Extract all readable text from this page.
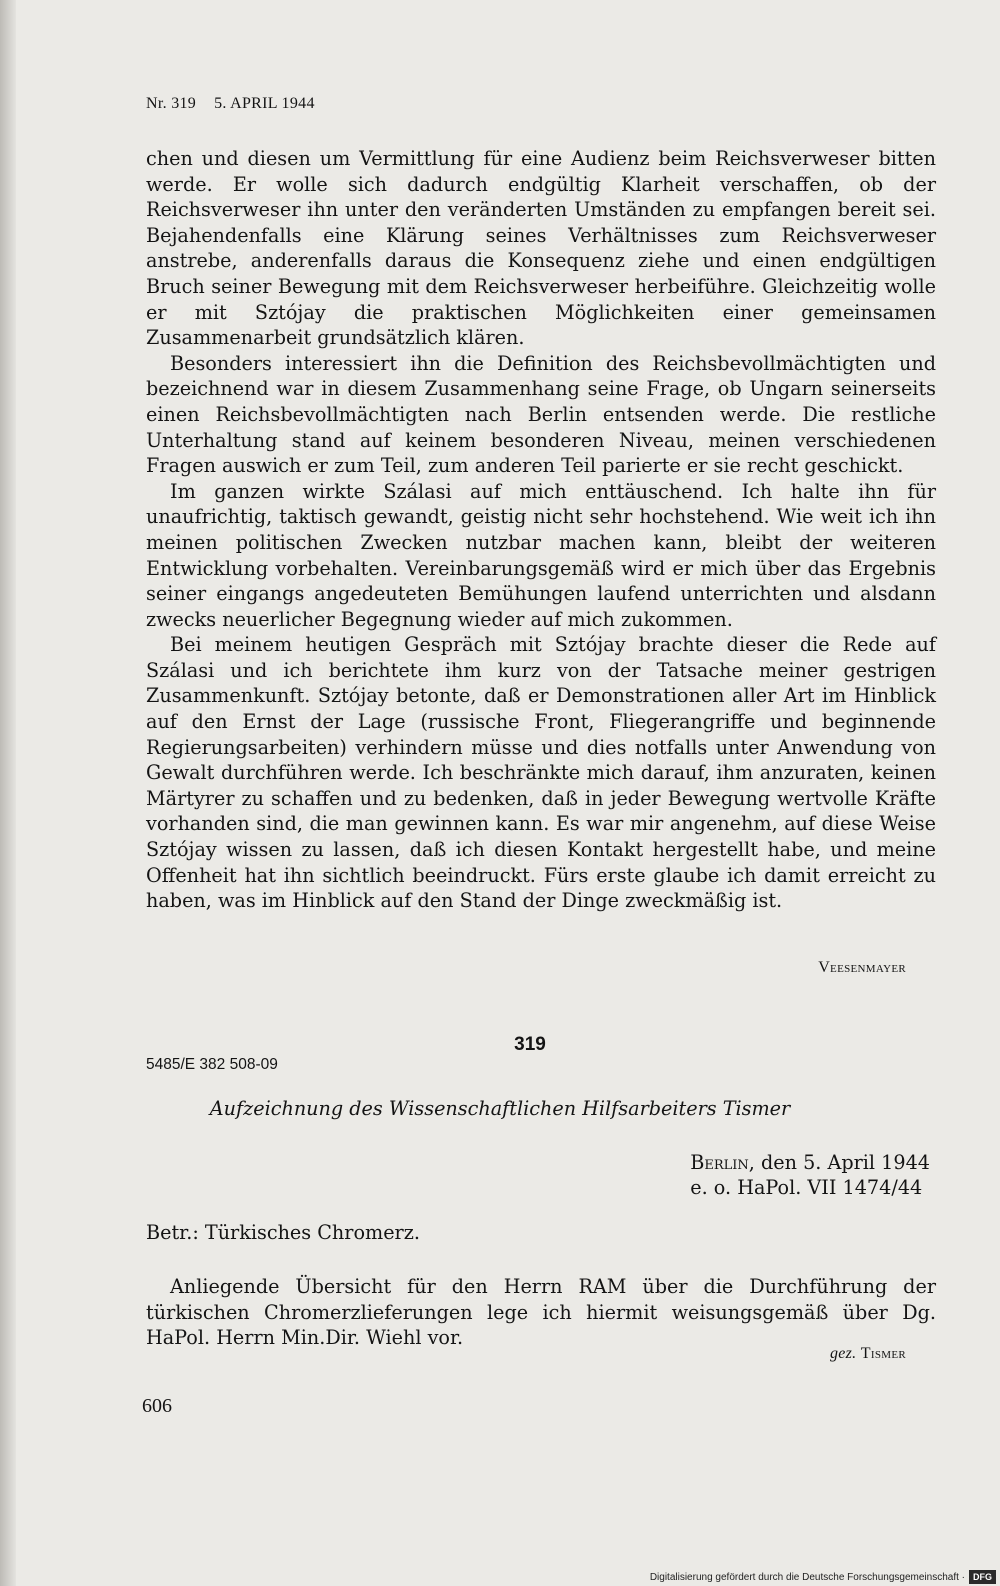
Nr. 319 5. APRIL 1944

chen und diesen um Vermittlung für eine Audienz beim Reichsverweser bitten werde. Er wolle sich dadurch endgültig Klarheit verschaffen, ob der Reichsverweser ihn unter den veränderten Umständen zu empfangen bereit sei. Bejahendenfalls eine Klärung seines Verhältnisses zum Reichsverweser anstrebe, anderenfalls daraus die Konsequenz ziehe und einen endgültigen Bruch seiner Bewegung mit dem Reichsverweser herbeiführe. Gleichzeitig wolle er mit Sztójay die praktischen Möglichkeiten einer gemeinsamen Zusammenarbeit grundsätzlich klären.

Besonders interessiert ihn die Definition des Reichsbevollmächtigten und bezeichnend war in diesem Zusammenhang seine Frage, ob Ungarn seinerseits einen Reichsbevollmächtigten nach Berlin entsenden werde. Die restliche Unterhaltung stand auf keinem besonderen Niveau, meinen verschiedenen Fragen auswich er zum Teil, zum anderen Teil parierte er sie recht geschickt.

Im ganzen wirkte Szálasi auf mich enttäuschend. Ich halte ihn für unaufrichtig, taktisch gewandt, geistig nicht sehr hochstehend. Wie weit ich ihn meinen politischen Zwecken nutzbar machen kann, bleibt der weiteren Entwicklung vorbehalten. Vereinbarungsgemäß wird er mich über das Ergebnis seiner eingangs angedeuteten Bemühungen laufend unterrichten und alsdann zwecks neuerlicher Begegnung wieder auf mich zukommen.

Bei meinem heutigen Gespräch mit Sztójay brachte dieser die Rede auf Szálasi und ich berichtete ihm kurz von der Tatsache meiner gestrigen Zusammenkunft. Sztójay betonte, daß er Demonstrationen aller Art im Hinblick auf den Ernst der Lage (russische Front, Fliegerangriffe und beginnende Regierungsarbeiten) verhindern müsse und dies notfalls unter Anwendung von Gewalt durchführen werde. Ich beschränkte mich darauf, ihm anzuraten, keinen Märtyrer zu schaffen und zu bedenken, daß in jeder Bewegung wertvolle Kräfte vorhanden sind, die man gewinnen kann. Es war mir angenehm, auf diese Weise Sztójay wissen zu lassen, daß ich diesen Kontakt hergestellt habe, und meine Offenheit hat ihn sichtlich beeindruckt. Fürs erste glaube ich damit erreicht zu haben, was im Hinblick auf den Stand der Dinge zweckmäßig ist.

Veesenmayer
319
5485/E 382 508-09
Aufzeichnung des Wissenschaftlichen Hilfsarbeiters Tismer
Berlin, den 5. April 1944
e. o. HaPol. VII 1474/44
Betr.: Türkisches Chromerz.

Anliegende Übersicht für den Herrn RAM über die Durchführung der türkischen Chromerzlieferungen lege ich hiermit weisungsgemäß über Dg. HaPol. Herrn Min.Dir. Wiehl vor.

gez. Tismer
606
Digitalisierung gefördert durch die Deutsche Forschungsgemeinschaft · DFG
